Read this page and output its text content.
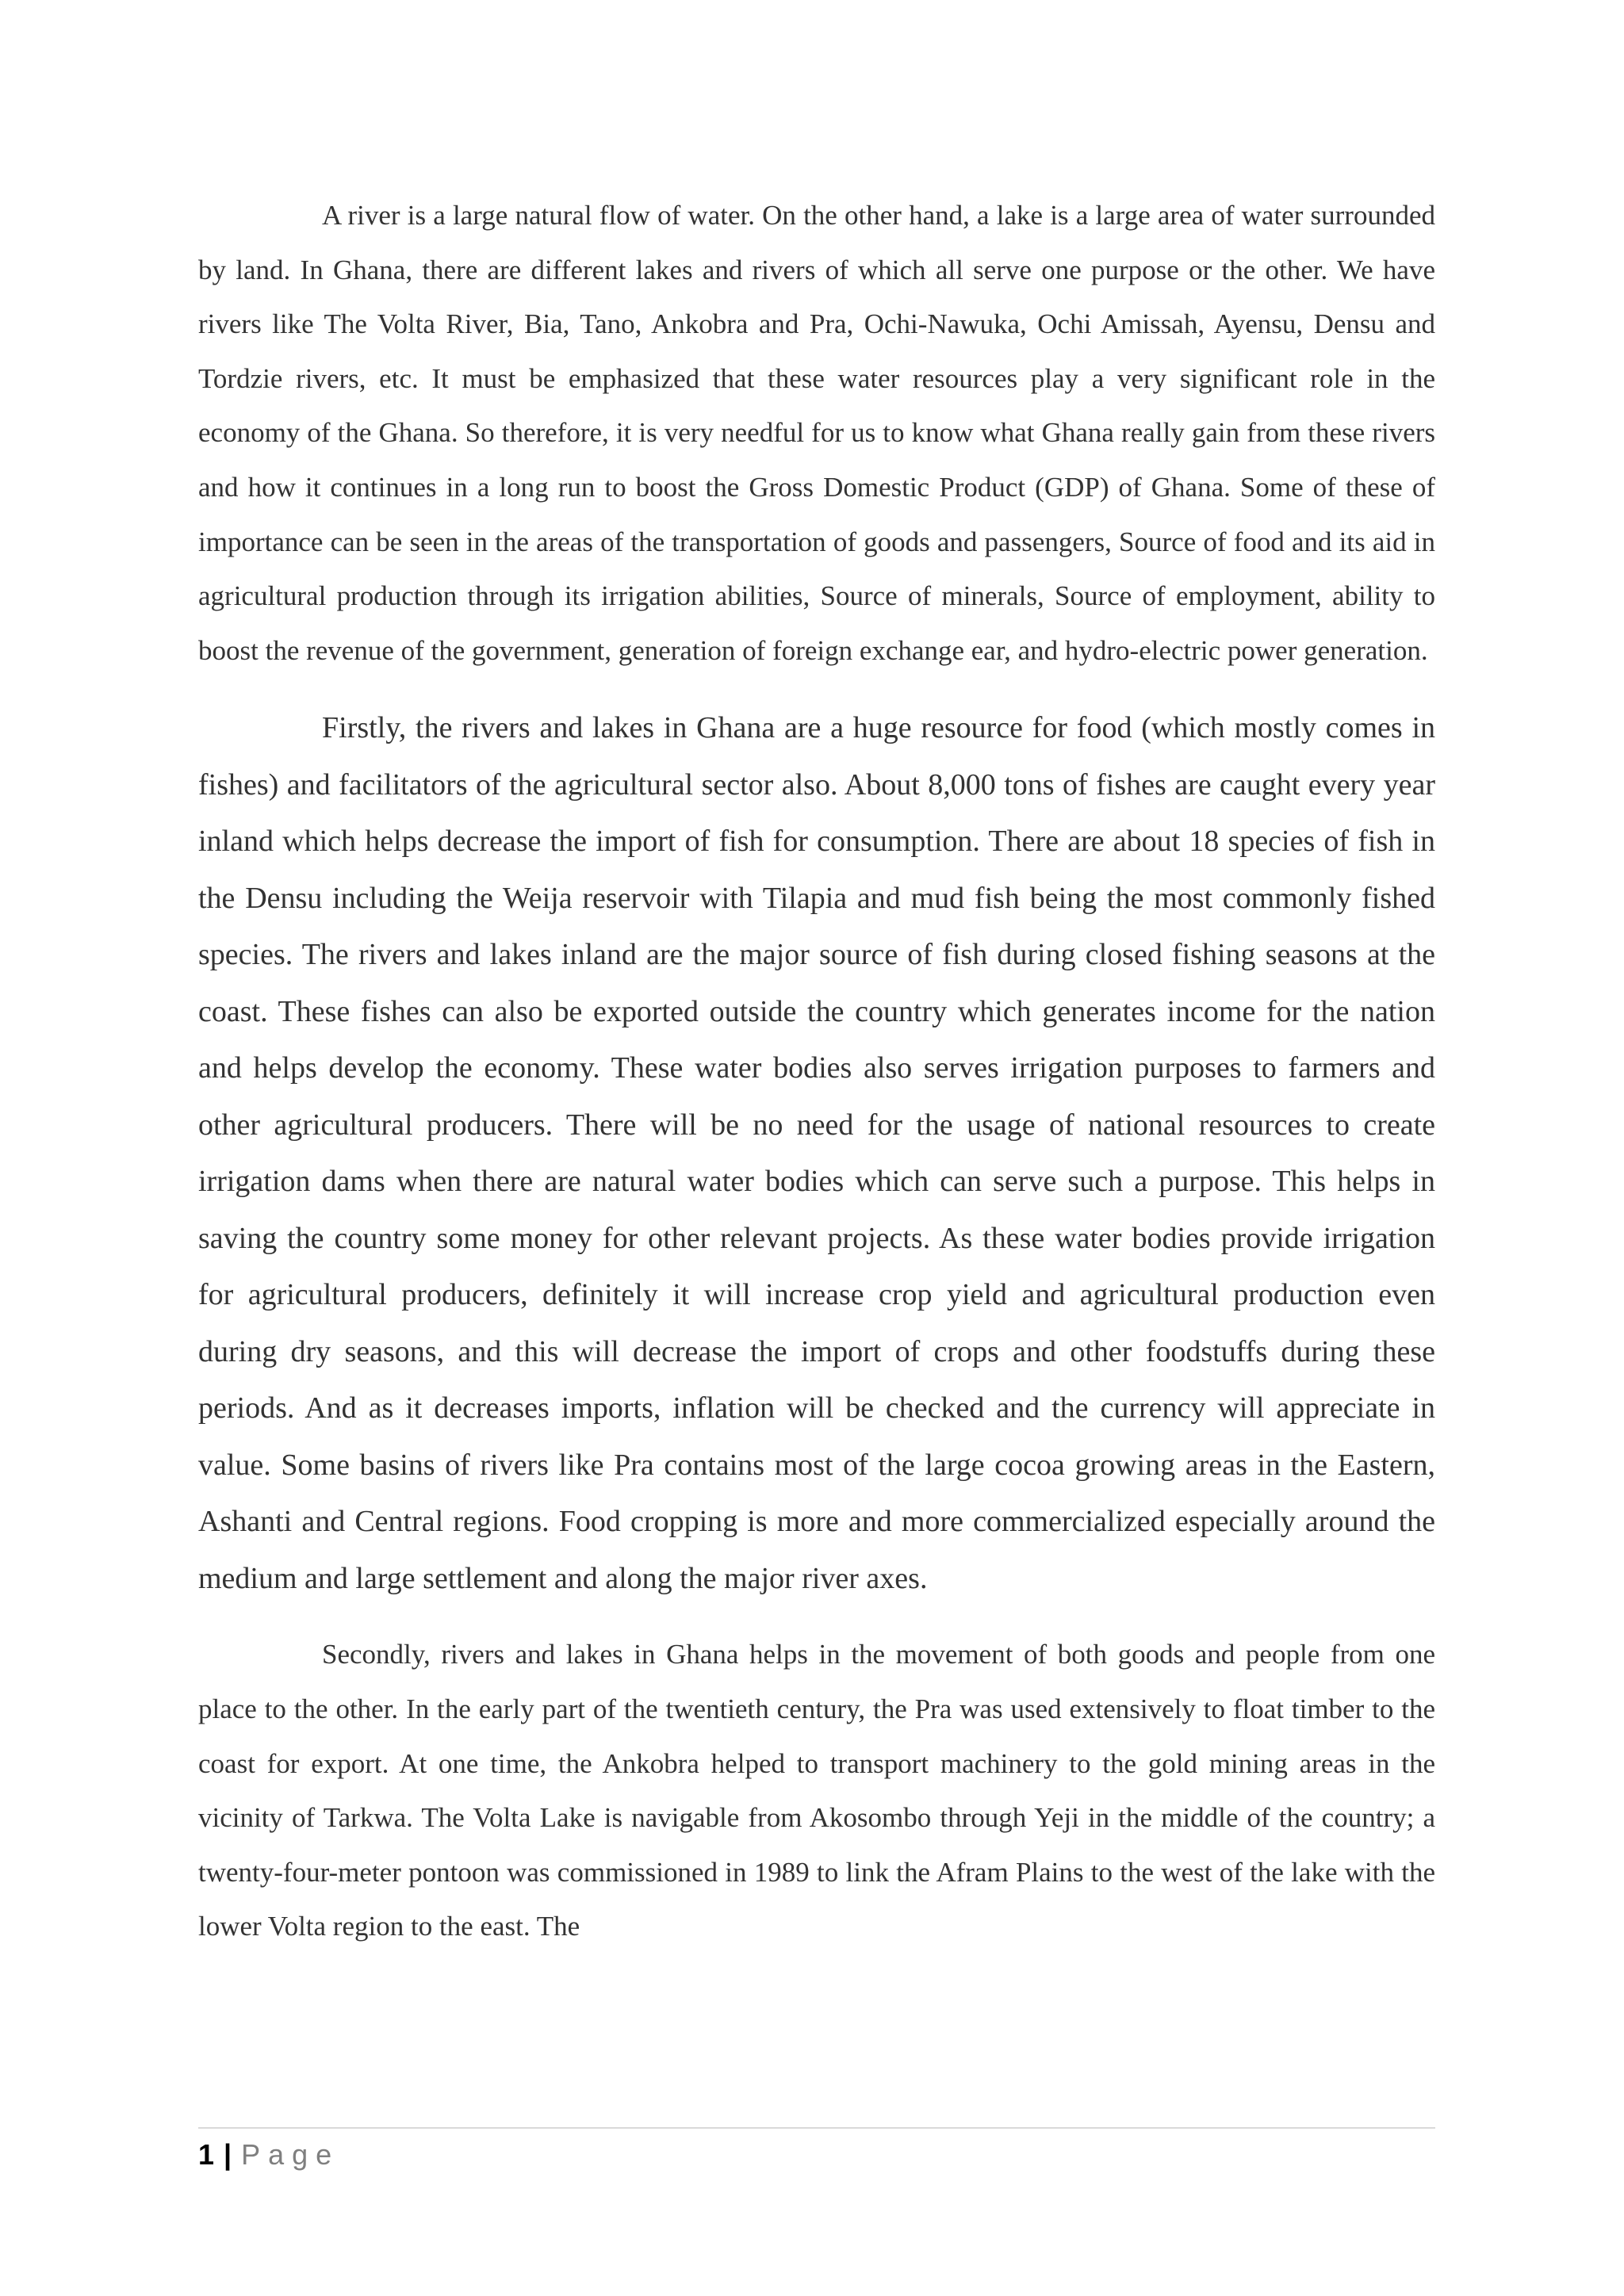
A river is a large natural flow of water. On the other hand, a lake is a large area of water surrounded by land. In Ghana, there are different lakes and rivers of which all serve one purpose or the other. We have rivers like The Volta River, Bia, Tano, Ankobra and Pra, Ochi-Nawuka, Ochi Amissah, Ayensu, Densu and Tordzie rivers, etc. It must be emphasized that these water resources play a very significant role in the economy of the Ghana. So therefore, it is very needful for us to know what Ghana really gain from these rivers and how it continues in a long run to boost the Gross Domestic Product (GDP) of Ghana. Some of these of importance can be seen in the areas of the transportation of goods and passengers, Source of food and its aid in agricultural production through its irrigation abilities, Source of minerals, Source of employment, ability to boost the revenue of the government, generation of foreign exchange ear, and hydro-electric power generation.

Firstly, the rivers and lakes in Ghana are a huge resource for food (which mostly comes in fishes) and facilitators of the agricultural sector also. About 8,000 tons of fishes are caught every year inland which helps decrease the import of fish for consumption. There are about 18 species of fish in the Densu including the Weija reservoir with Tilapia and mud fish being the most commonly fished species. The rivers and lakes inland are the major source of fish during closed fishing seasons at the coast. These fishes can also be exported outside the country which generates income for the nation and helps develop the economy. These water bodies also serves irrigation purposes to farmers and other agricultural producers. There will be no need for the usage of national resources to create irrigation dams when there are natural water bodies which can serve such a purpose. This helps in saving the country some money for other relevant projects. As these water bodies provide irrigation for agricultural producers, definitely it will increase crop yield and agricultural production even during dry seasons, and this will decrease the import of crops and other foodstuffs during these periods. And as it decreases imports, inflation will be checked and the currency will appreciate in value. Some basins of rivers like Pra contains most of the large cocoa growing areas in the Eastern, Ashanti and Central regions. Food cropping is more and more commercialized especially around the medium and large settlement and along the major river axes.

Secondly, rivers and lakes in Ghana helps in the movement of both goods and people from one place to the other. In the early part of the twentieth century, the Pra was used extensively to float timber to the coast for export. At one time, the Ankobra helped to transport machinery to the gold mining areas in the vicinity of Tarkwa. The Volta Lake is navigable from Akosombo through Yeji in the middle of the country; a twenty-four-meter pontoon was commissioned in 1989 to link the Afram Plains to the west of the lake with the lower Volta region to the east. The

1 | Page
